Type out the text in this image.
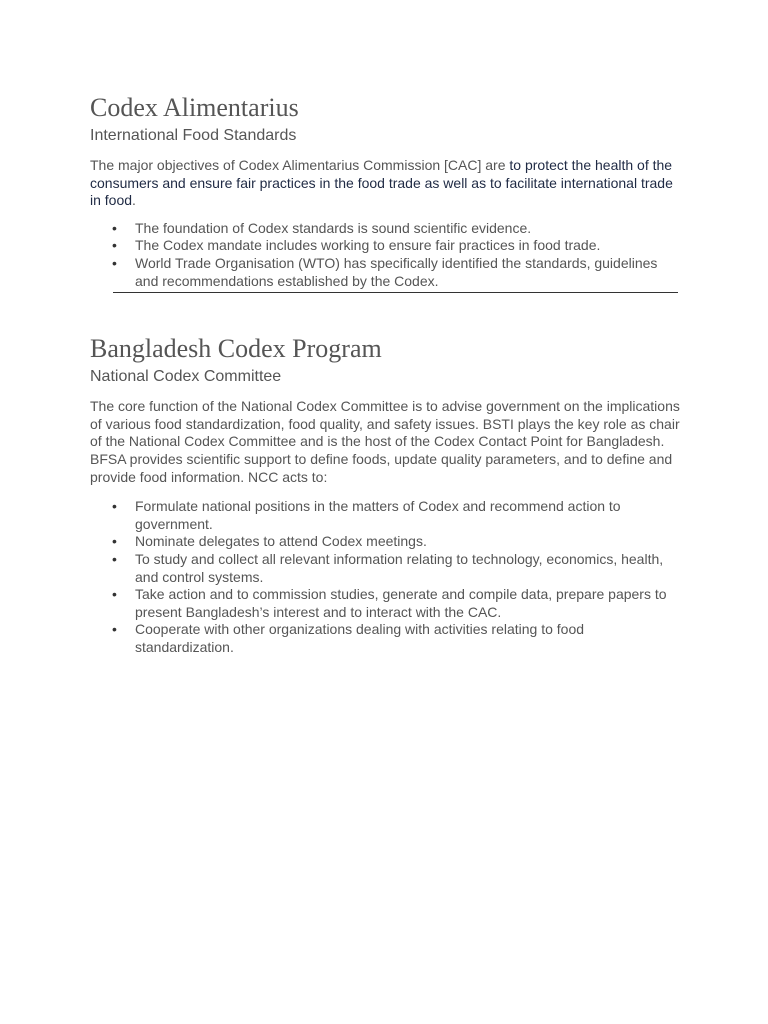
Codex Alimentarius
International Food Standards

The major objectives of Codex Alimentarius Commission [CAC] are to protect the health of the consumers and ensure fair practices in the food trade as well as to facilitate international trade in food.

• The foundation of Codex standards is sound scientific evidence.
• The Codex mandate includes working to ensure fair practices in food trade.
• World Trade Organisation (WTO) has specifically identified the standards, guidelines and recommendations established by the Codex.
Bangladesh Codex Program
National Codex Committee

The core function of the National Codex Committee is to advise government on the implications of various food standardization, food quality, and safety issues. BSTI plays the key role as chair of the National Codex Committee and is the host of the Codex Contact Point for Bangladesh. BFSA provides scientific support to define foods, update quality parameters, and to define and provide food information. NCC acts to:

• Formulate national positions in the matters of Codex and recommend action to government.
• Nominate delegates to attend Codex meetings.
• To study and collect all relevant information relating to technology, economics, health, and control systems.
• Take action and to commission studies, generate and compile data, prepare papers to present Bangladesh’s interest and to interact with the CAC.
• Cooperate with other organizations dealing with activities relating to food standardization.
